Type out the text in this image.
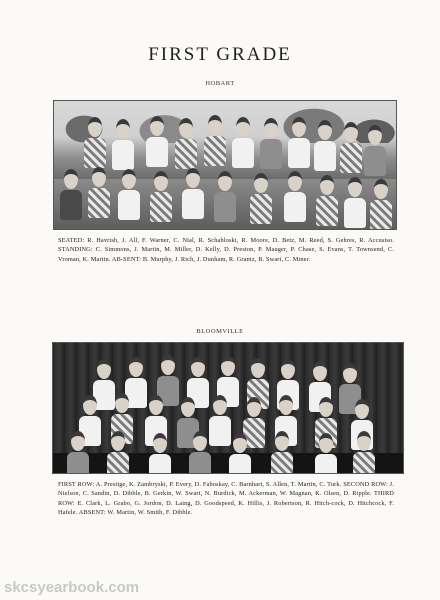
FIRST GRADE
HOBART
SEATED: R. Havrish, J. All, F. Warner, C. Nial, R. Schabloski, R. Moore, D. Betz, M. Reed, S. Gehres, R. Accustso. STANDING: C. Simmons, J. Martin, M. Miller, D. Kelly, D. Preston, P. Mauger, P. Chase, S. Evans, T. Townsend, C. Vroman, K. Martin. AB-SENT: B. Murphy, J. Rich, J. Dunham, R. Grantz, B. Swart, C. Miner.
BLOOMVILLE
FIRST ROW: A. Prestige, K. Zambryski, P. Every, D. Faboskay, C. Barnhart, S. Allen, T. Martin, C. Turk. SECOND ROW: J. Nielson, C. Sandin, D. Dibble, B. Gerkin, W. Swart, N. Burdick, M. Ackerman, W. Magnan, K. Olsen, D. Ripple. THIRD ROW: E. Clark, L. Grabo, G. Jordon, D. Laing, D. Goodspeed, K. Hillis, J. Robertson, R. Hitch-cock, D. Hitchcock, F. Hafele. ABSENT: W. Martin, W. Smith, F. Dibble.
skcsyearbook.com
